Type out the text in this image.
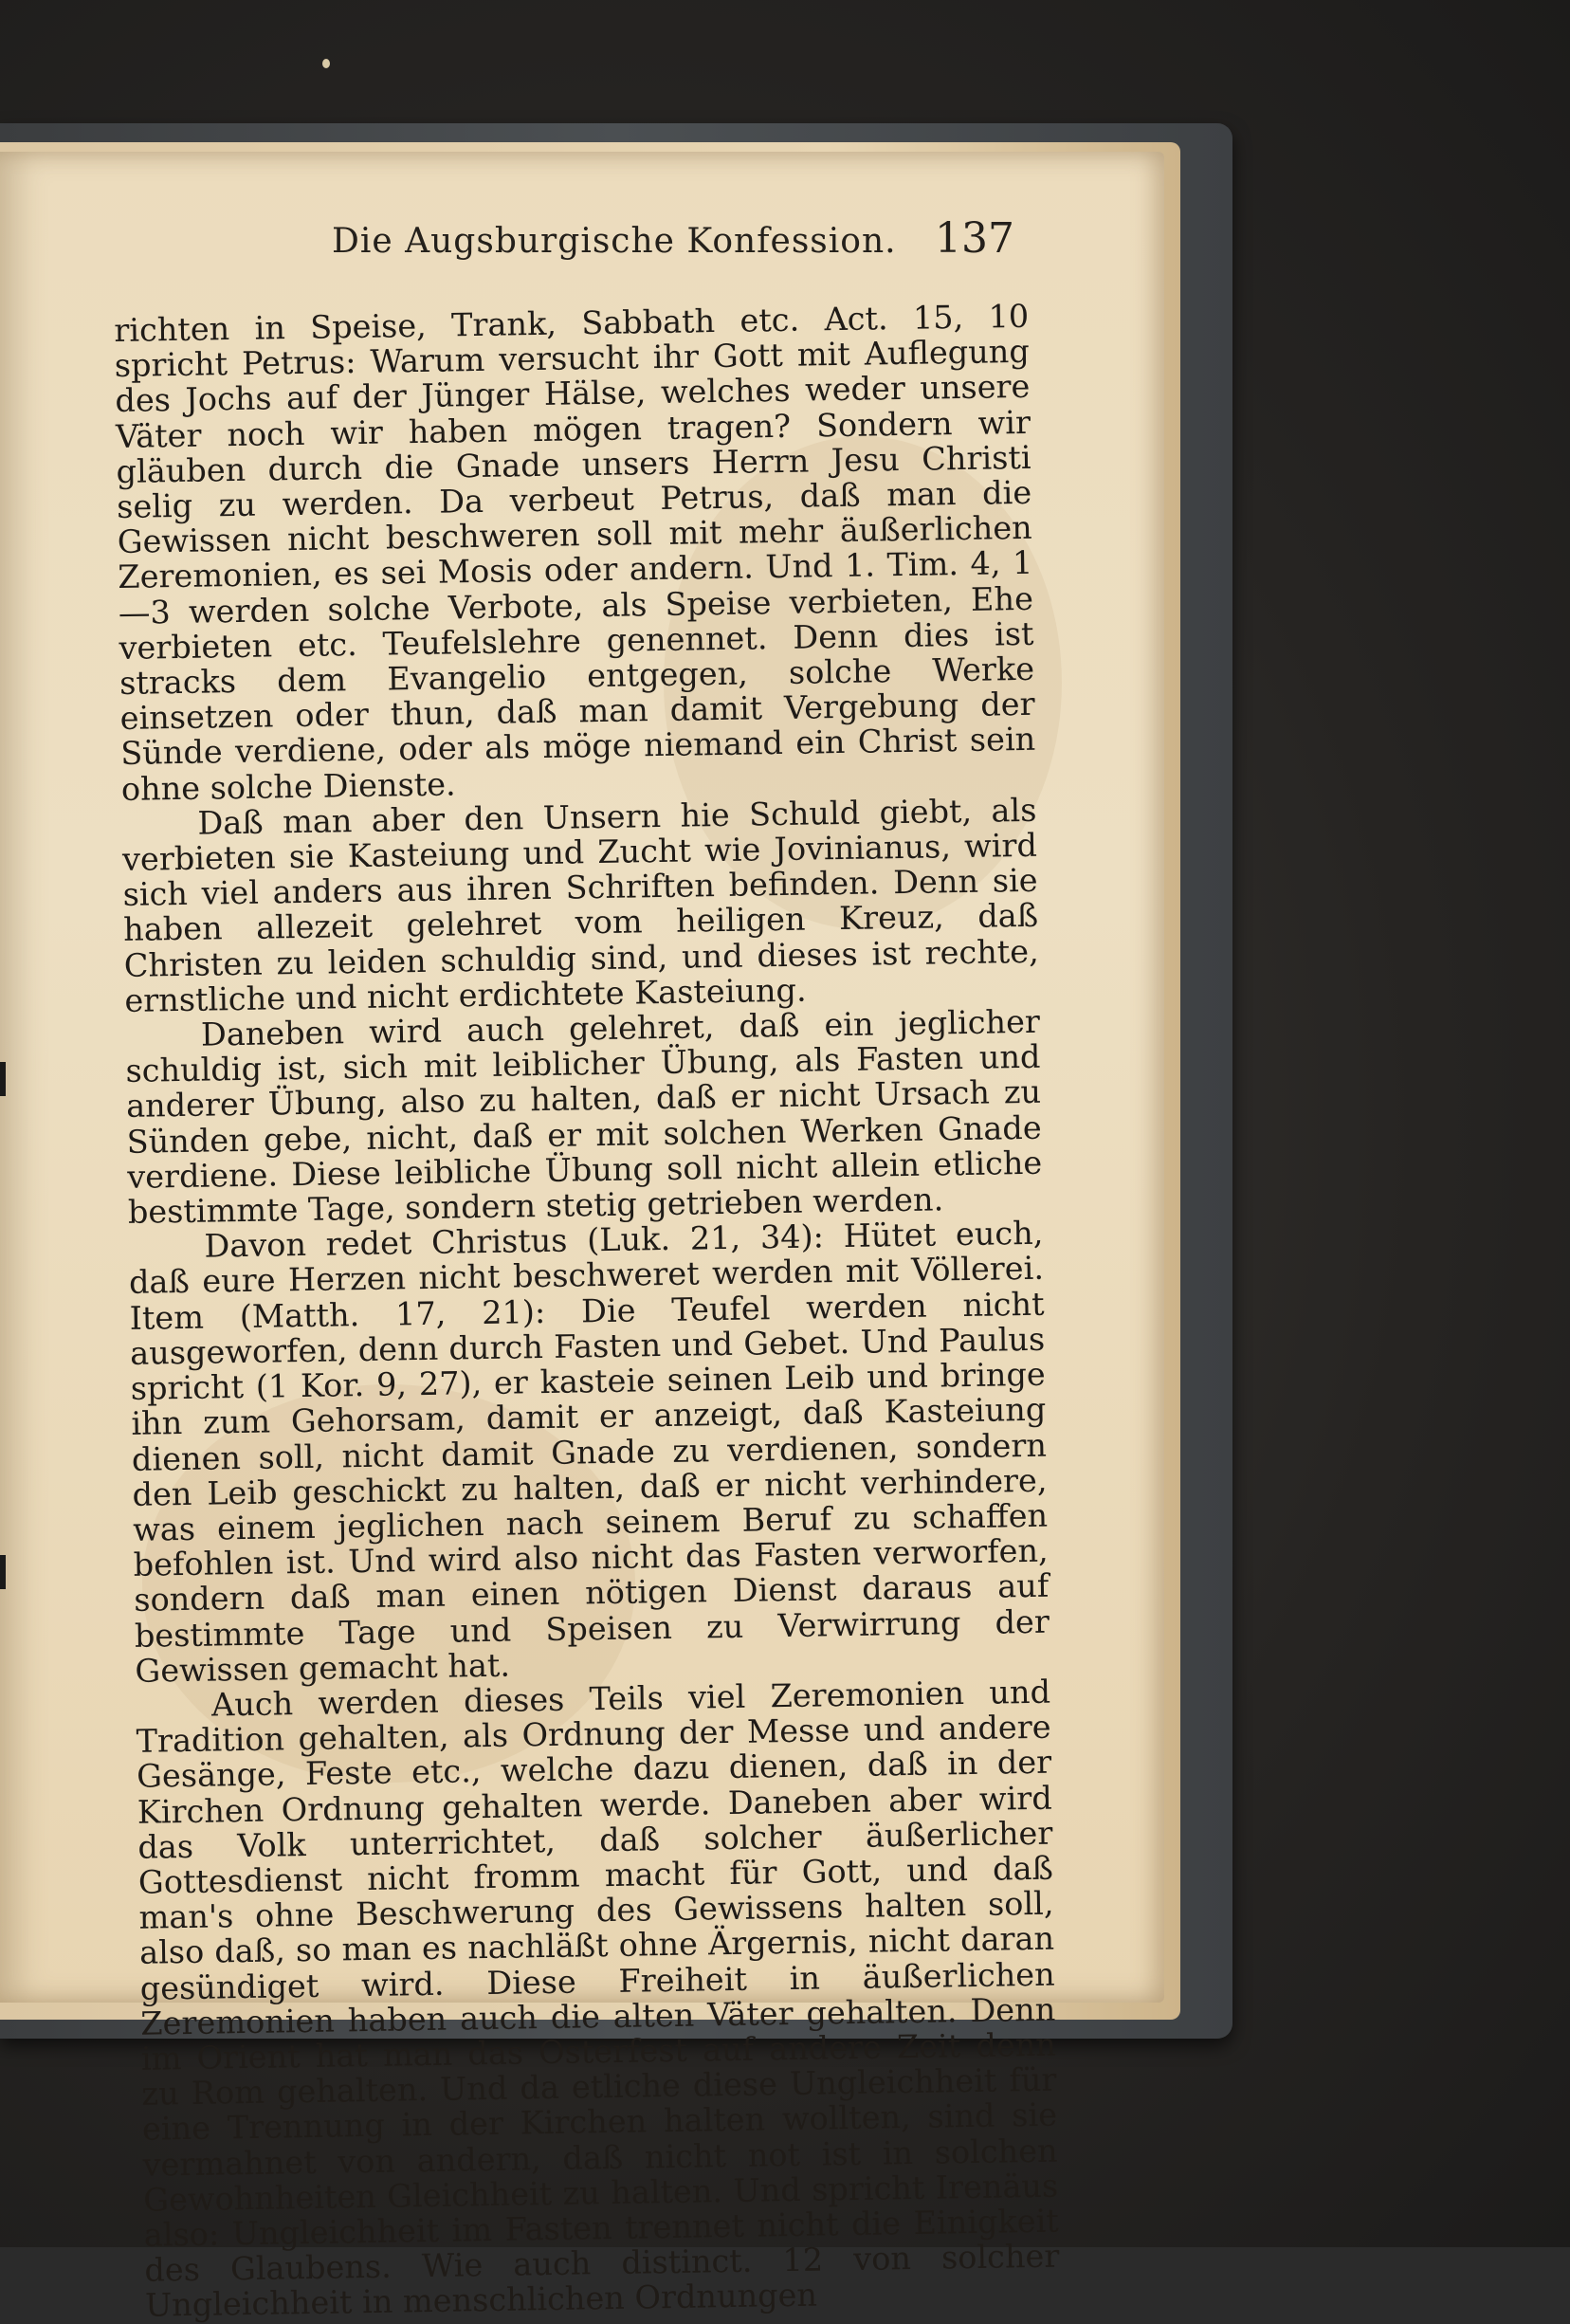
Die Augsburgische Konfession. 137

richten in Speise, Trank, Sabbath etc. Act. 15, 10 spricht Petrus: Warum versucht ihr Gott mit Auflegung des Jochs auf der Jünger Hälse, welches weder unsere Väter noch wir haben mögen tragen? Sondern wir gläuben durch die Gnade unsers Herrn Jesu Christi selig zu werden. Da verbeut Petrus, daß man die Gewissen nicht beschweren soll mit mehr äußerlichen Zeremonien, es sei Mosis oder andern. Und 1. Tim. 4, 1—3 werden solche Verbote, als Speise verbieten, Ehe verbieten etc. Teufelslehre genennet. Denn dies ist stracks dem Evangelio entgegen, solche Werke einsetzen oder thun, daß man damit Vergebung der Sünde verdiene, oder als möge niemand ein Christ sein ohne solche Dienste.

Daß man aber den Unsern hie Schuld giebt, als verbieten sie Kasteiung und Zucht wie Jovinianus, wird sich viel anders aus ihren Schriften befinden. Denn sie haben allezeit gelehret vom heiligen Kreuz, daß Christen zu leiden schuldig sind, und dieses ist rechte, ernstliche und nicht erdichtete Kasteiung.

Daneben wird auch gelehret, daß ein jeglicher schuldig ist, sich mit leiblicher Übung, als Fasten und anderer Übung, also zu halten, daß er nicht Ursach zu Sünden gebe, nicht, daß er mit solchen Werken Gnade verdiene. Diese leibliche Übung soll nicht allein etliche bestimmte Tage, sondern stetig getrieben werden.

Davon redet Christus (Luk. 21, 34): Hütet euch, daß eure Herzen nicht beschweret werden mit Völlerei. Item (Matth. 17, 21): Die Teufel werden nicht ausgeworfen, denn durch Fasten und Gebet. Und Paulus spricht (1 Kor. 9, 27), er kasteie seinen Leib und bringe ihn zum Gehorsam, damit er anzeigt, daß Kasteiung dienen soll, nicht damit Gnade zu verdienen, sondern den Leib geschickt zu halten, daß er nicht verhindere, was einem jeglichen nach seinem Beruf zu schaffen befohlen ist. Und wird also nicht das Fasten verworfen, sondern daß man einen nötigen Dienst daraus auf bestimmte Tage und Speisen zu Verwirrung der Gewissen gemacht hat.

Auch werden dieses Teils viel Zeremonien und Tradition gehalten, als Ordnung der Messe und andere Gesänge, Feste etc., welche dazu dienen, daß in der Kirchen Ordnung gehalten werde. Daneben aber wird das Volk unterrichtet, daß solcher äußerlicher Gottesdienst nicht fromm macht für Gott, und daß man's ohne Beschwerung des Gewissens halten soll, also daß, so man es nachläßt ohne Ärgernis, nicht daran gesündiget wird. Diese Freiheit in äußerlichen Zeremonien haben auch die alten Väter gehalten. Denn im Orient hat man das Osterfest auf andere Zeit denn zu Rom gehalten. Und da etliche diese Ungleichheit für eine Trennung in der Kirchen halten wollten, sind sie vermahnet von andern, daß nicht not ist in solchen Gewohnheiten Gleichheit zu halten. Und spricht Irenäus also: Ungleichheit im Fasten trennet nicht die Einigkeit des Glaubens. Wie auch distinct. 12 von solcher Ungleichheit in menschlichen Ordnungen
